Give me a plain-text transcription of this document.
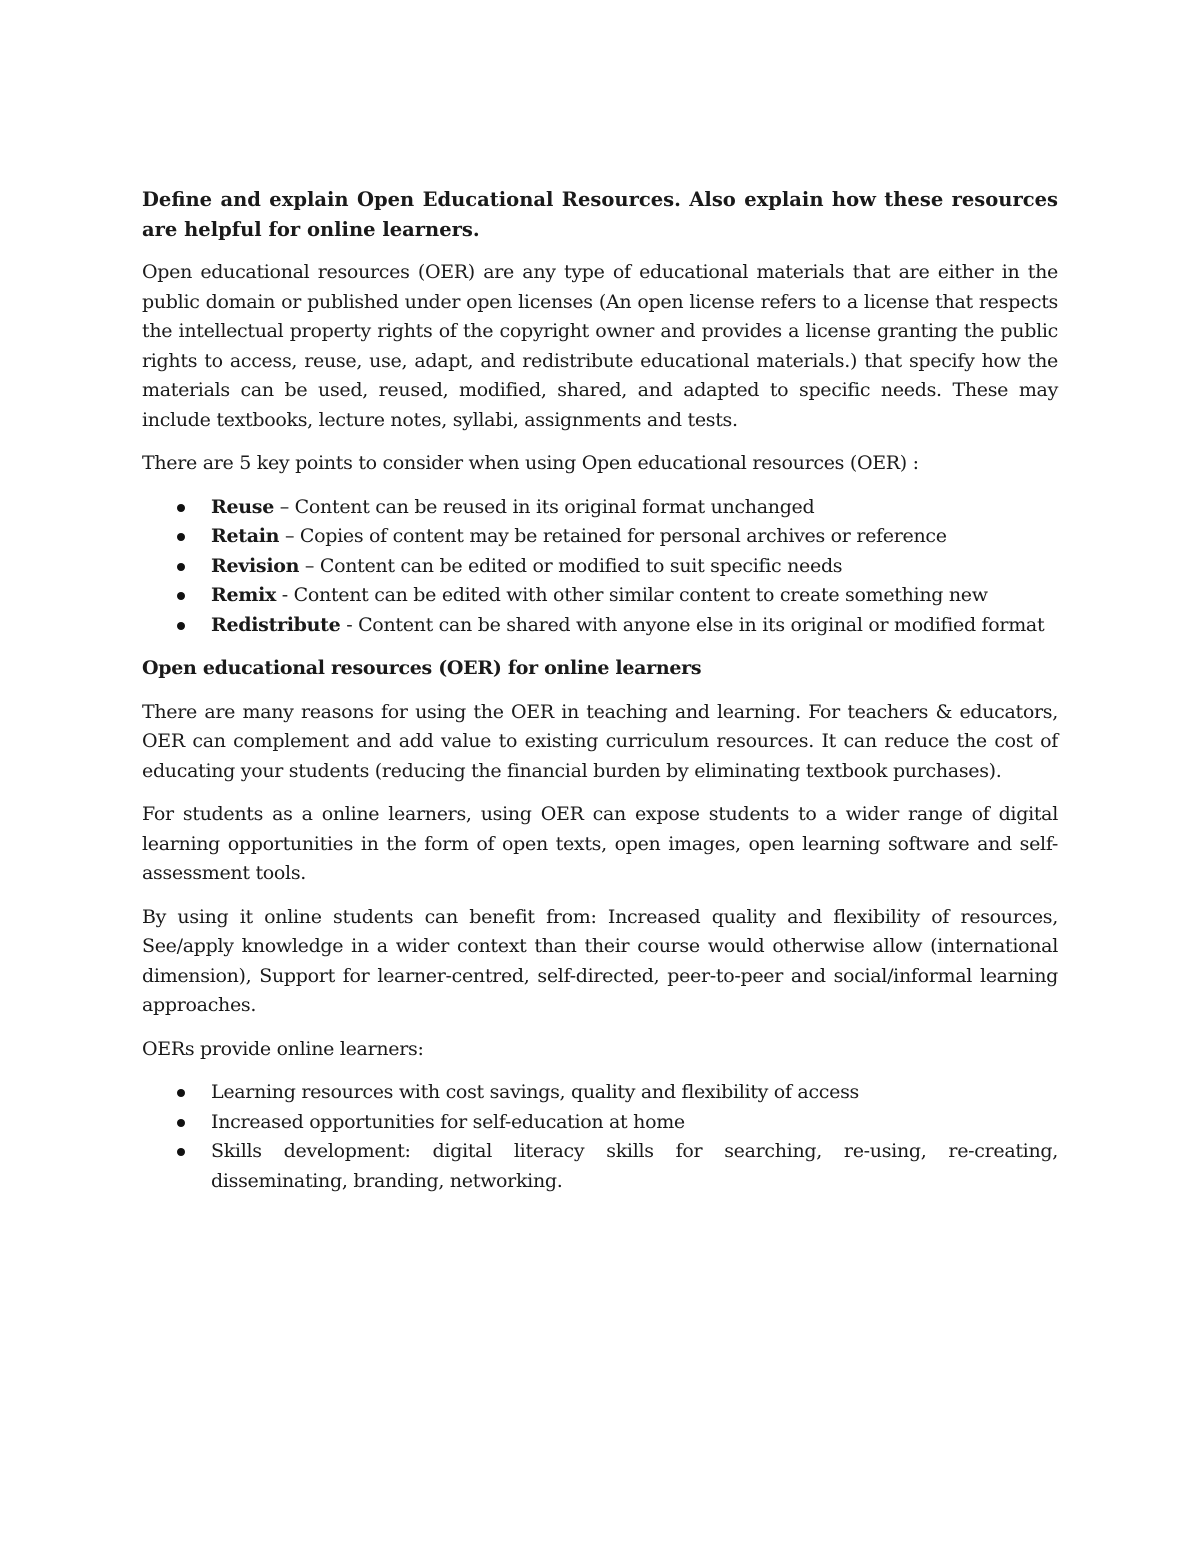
Define and explain Open Educational Resources. Also explain how these resources are helpful for online learners.

Open educational resources (OER) are any type of educational materials that are either in the public domain or published under open licenses (An open license refers to a license that respects the intellectual property rights of the copyright owner and provides a license granting the public rights to access, reuse, use, adapt, and redistribute educational materials.) that specify how the materials can be used, reused, modified, shared, and adapted to specific needs. These may include textbooks, lecture notes, syllabi, assignments and tests.

There are 5 key points to consider when using Open educational resources (OER) :

Reuse – Content can be reused in its original format unchanged
Retain – Copies of content may be retained for personal archives or reference
Revision – Content can be edited or modified to suit specific needs
Remix - Content can be edited with other similar content to create something new
Redistribute - Content can be shared with anyone else in its original or modified format

Open educational resources (OER) for online learners

There are many reasons for using the OER in teaching and learning. For teachers & educators, OER can complement and add value to existing curriculum resources. It can reduce the cost of educating your students (reducing the financial burden by eliminating textbook purchases).

For students as a online learners, using OER can expose students to a wider range of digital learning opportunities in the form of open texts, open images, open learning software and self-assessment tools.

By using it online students can benefit from: Increased quality and flexibility of resources, See/apply knowledge in a wider context than their course would otherwise allow (international dimension), Support for learner-centred, self-directed, peer-to-peer and social/informal learning approaches.

OERs provide online learners:

Learning resources with cost savings, quality and flexibility of access
Increased opportunities for self-education at home
Skills development: digital literacy skills for searching, re-using, re-creating, disseminating, branding, networking.
